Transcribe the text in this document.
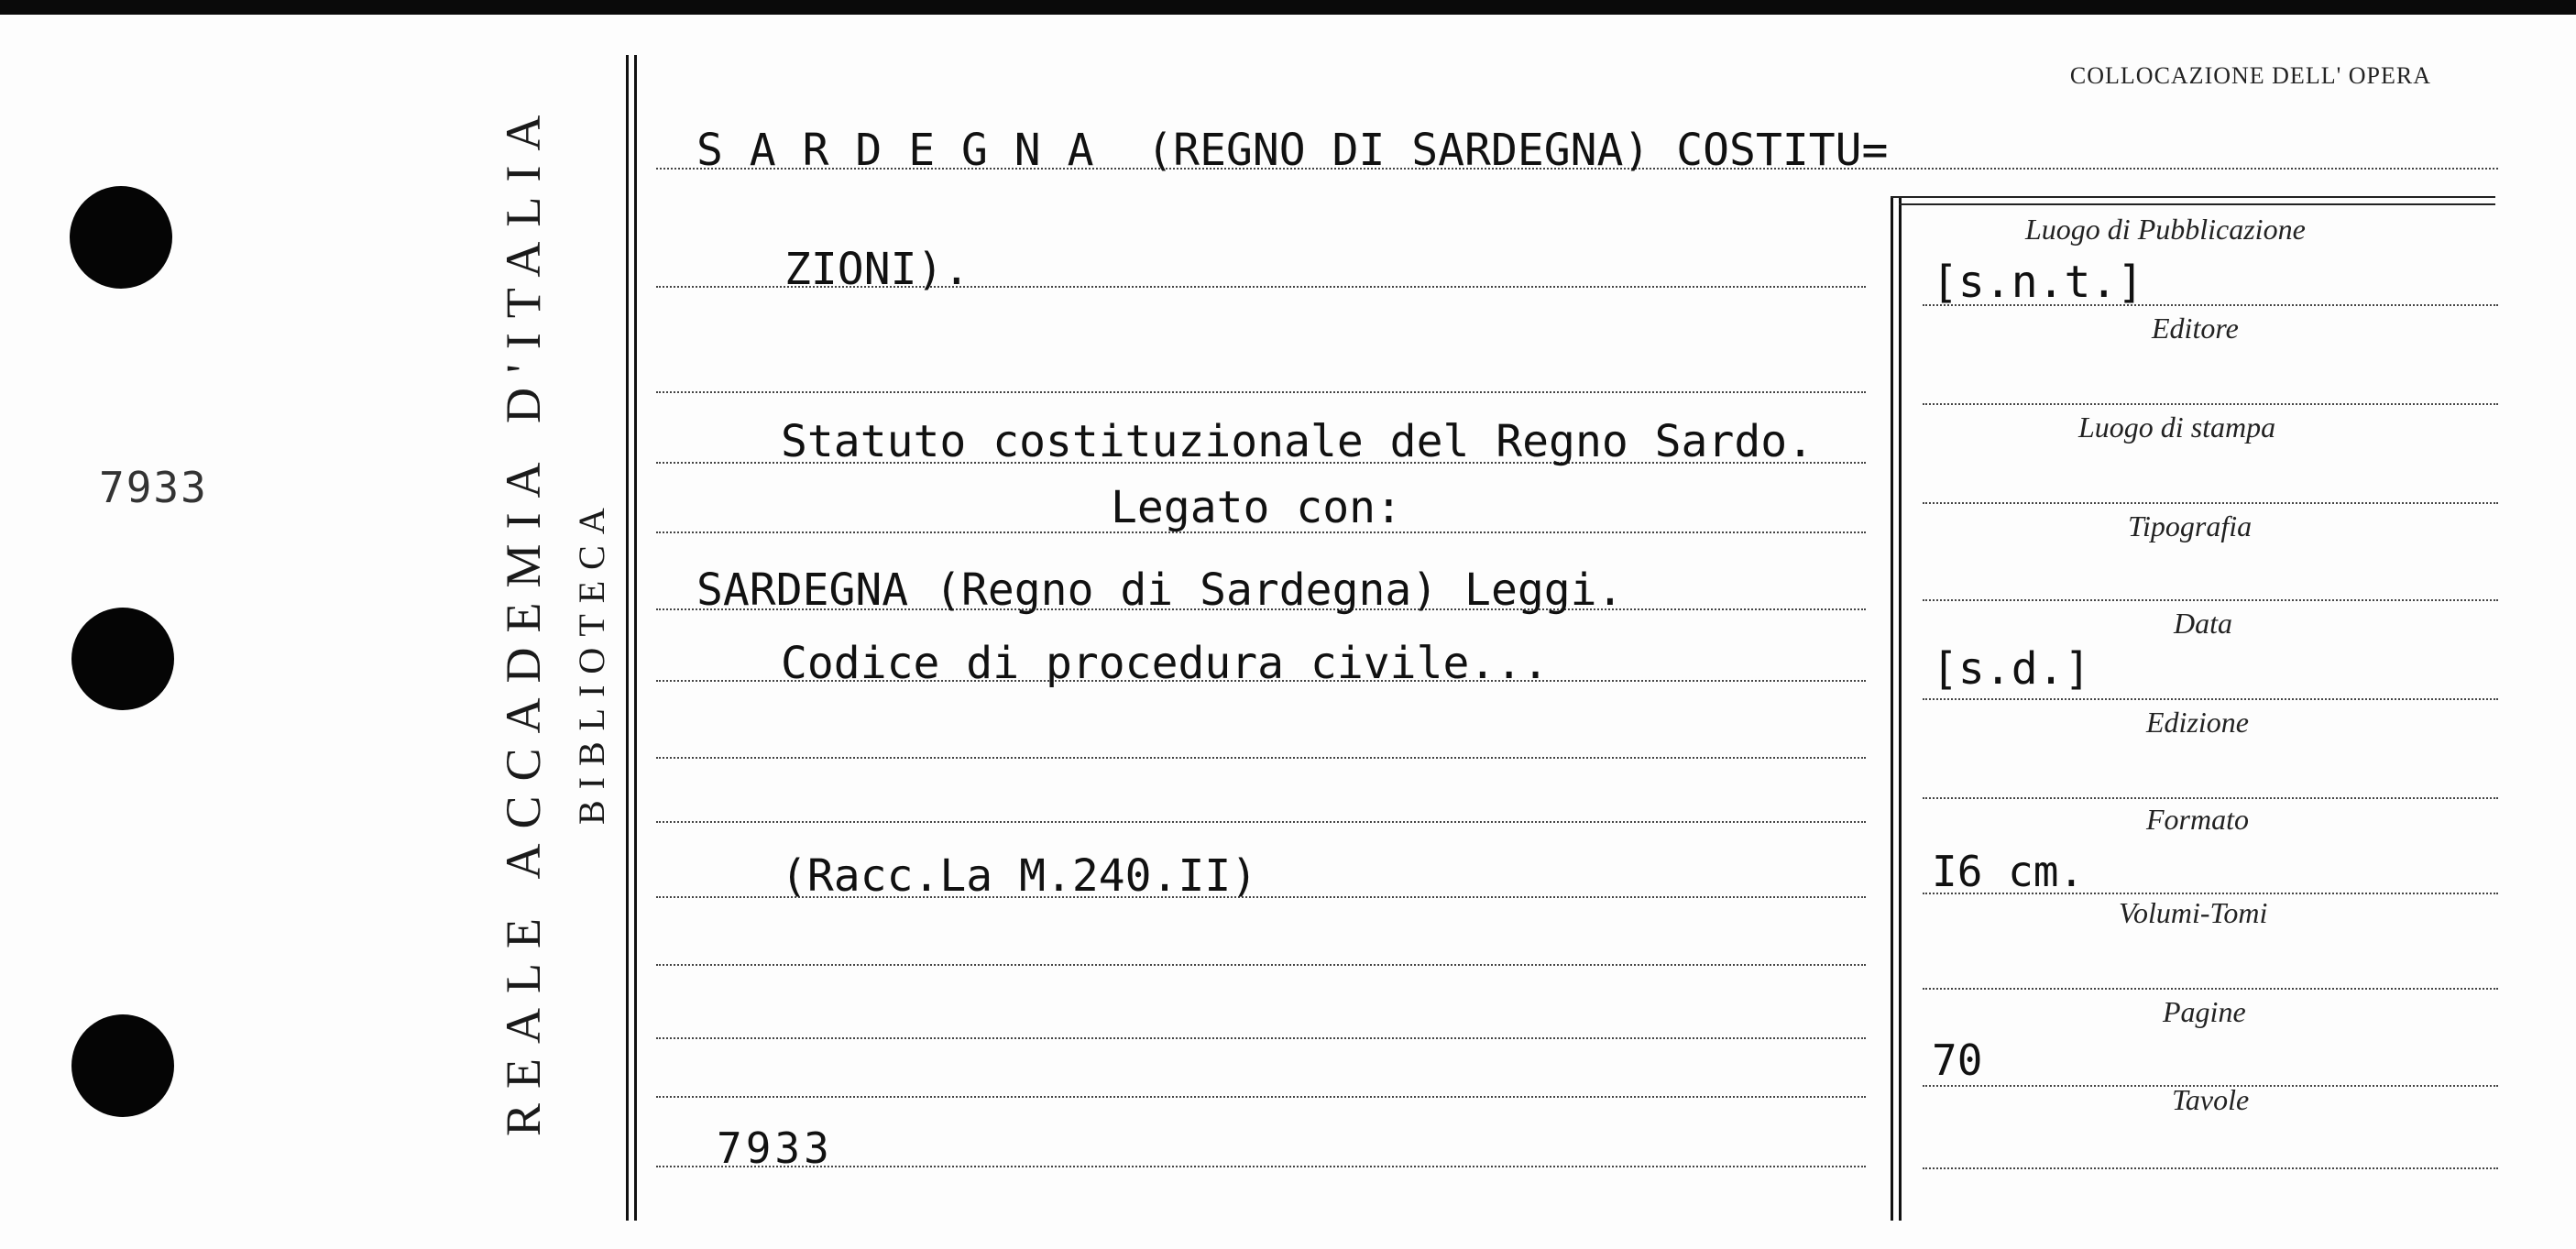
7933	REALE ACCADEMIA D'ITALIA BIBLIOTECA
COLLOCAZIONE DELL' OPERA
S A R D E G N A  (REGNO DI SARDEGNA) COSTITU=
ZIONI).
Statuto costituzionale del Regno Sardo.
Legato con:
SARDEGNA (Regno di Sardegna) Leggi.
Codice di procedura civile...
(Racc.La M.240.II)
7933
Luogo di Pubblicazione
[s.n.t.]
Editore
Luogo di stampa
Tipografia
Data
[s.d.]
Edizione
Formato
I6 cm.
Volumi-Tomi
Pagine
70
Tavole
